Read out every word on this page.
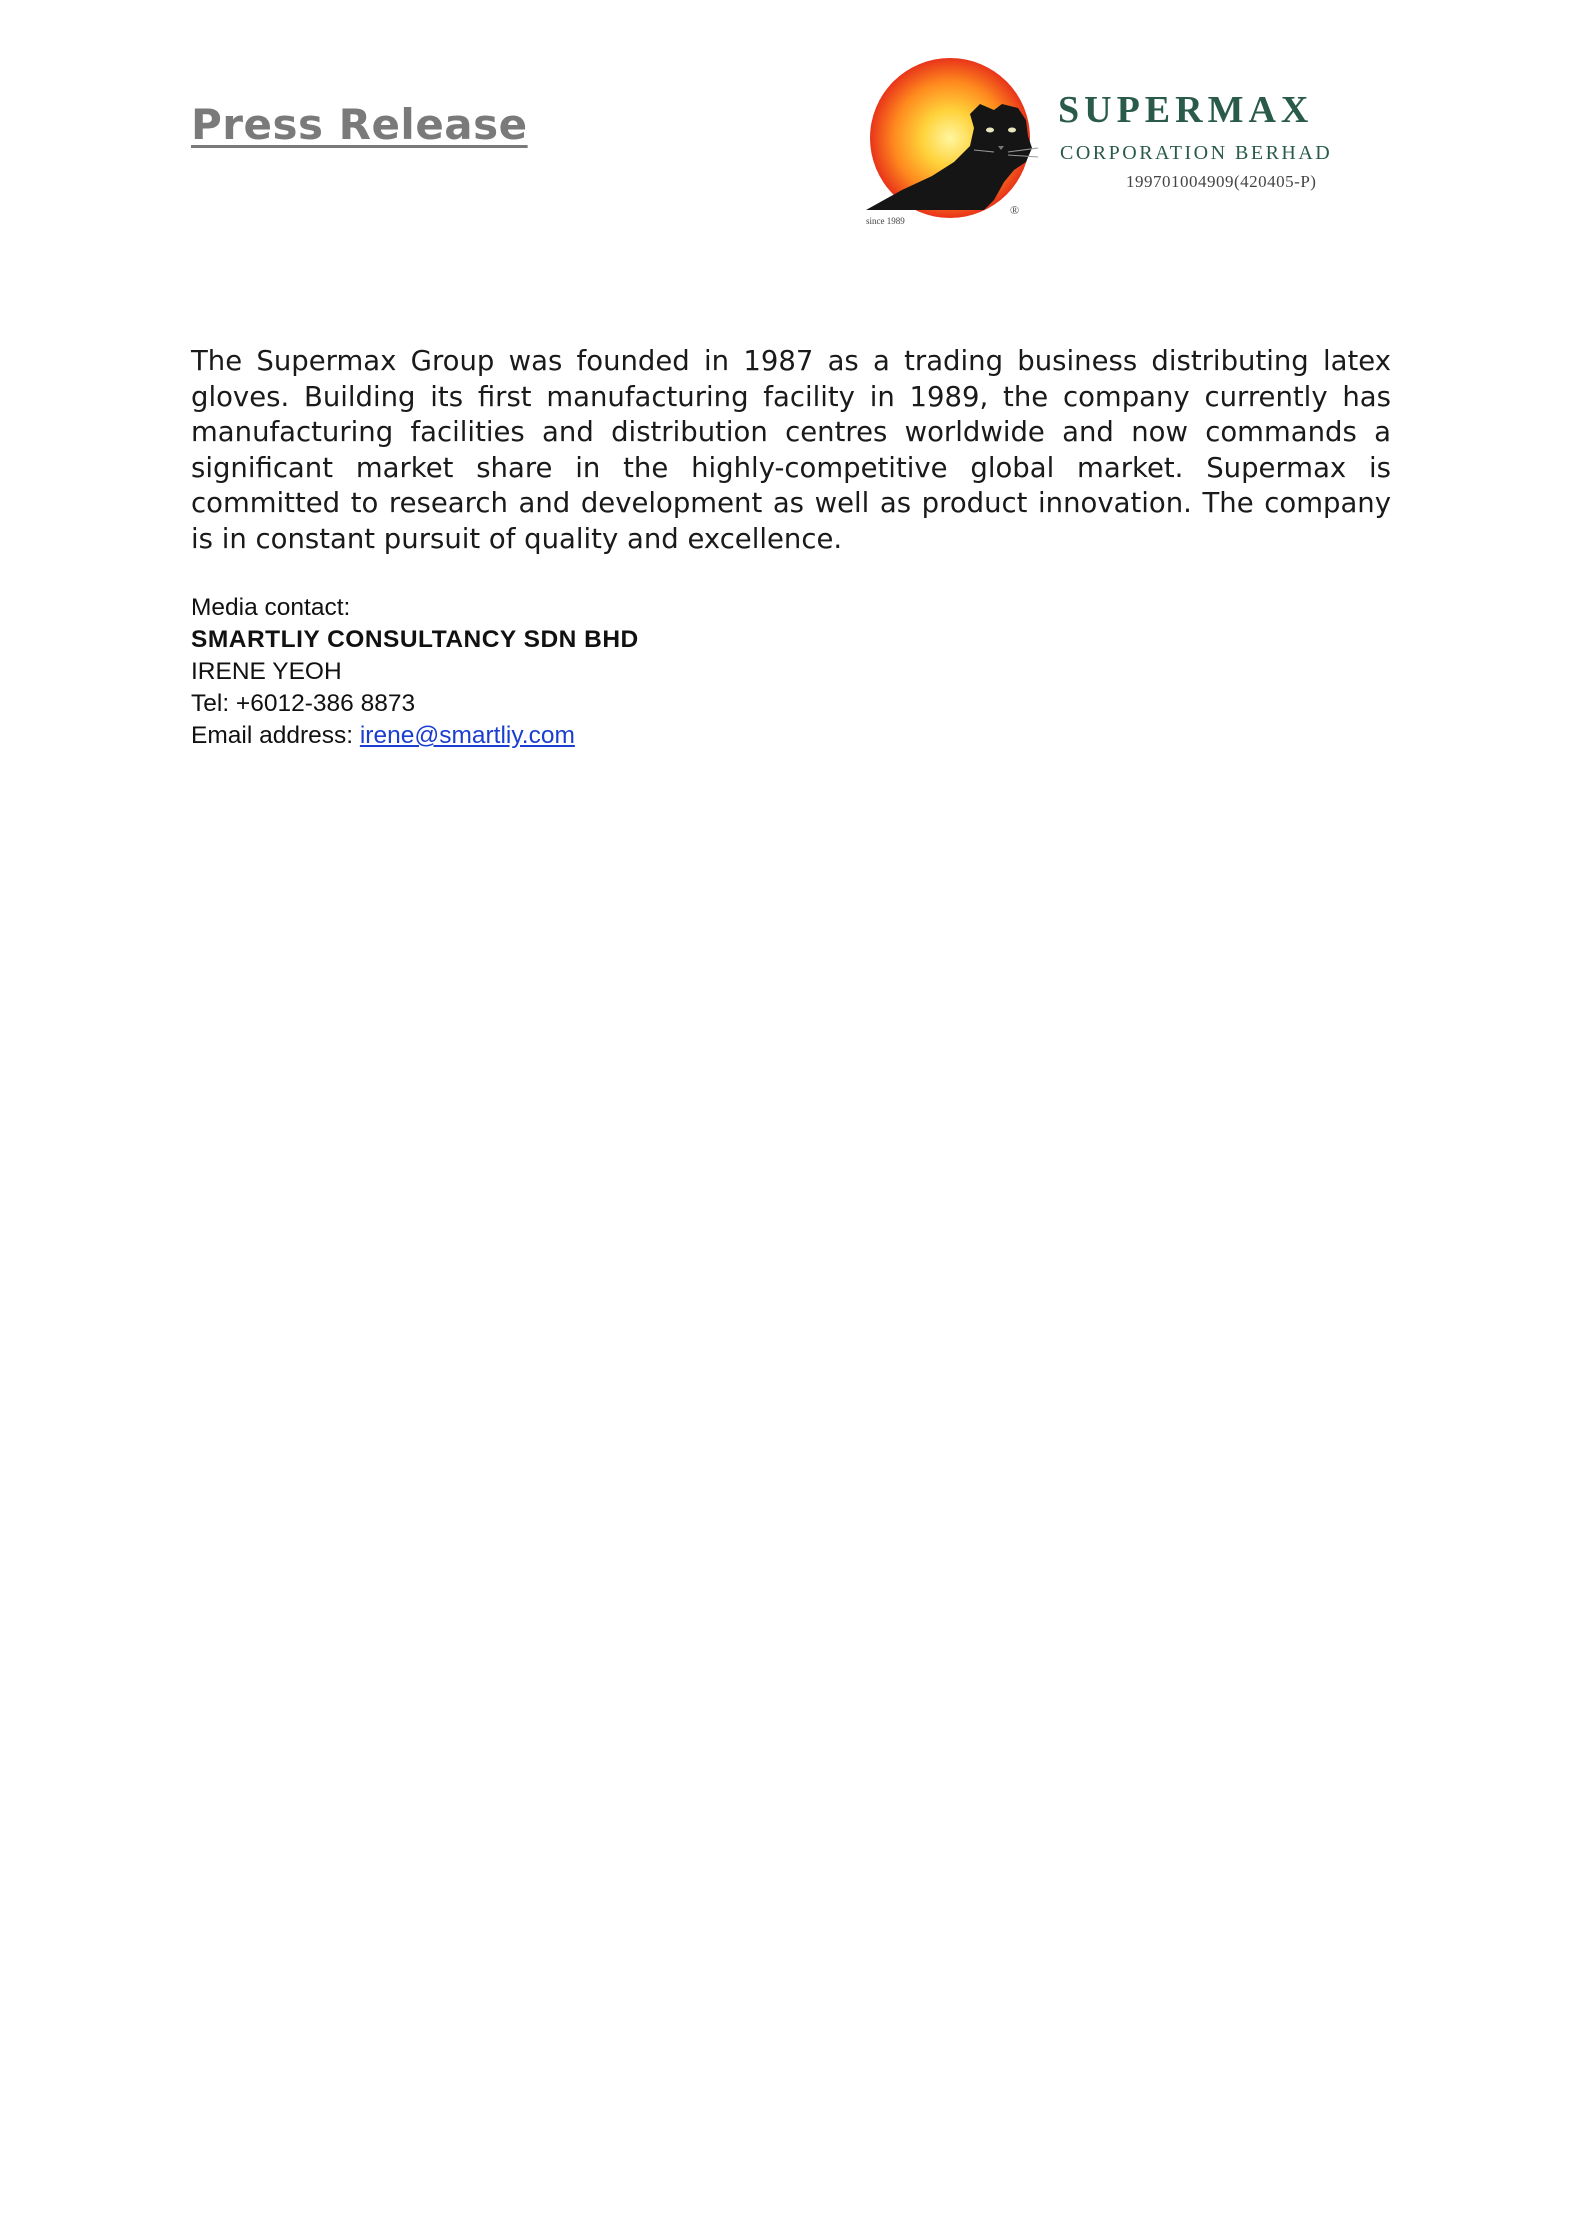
Press Release
®
since 1989
SUPERMAX
CORPORATION BERHAD
199701004909(420405-P)

The Supermax Group was founded in 1987 as a trading business distributing latex gloves. Building its first manufacturing facility in 1989, the company currently has manufacturing facilities and distribution centres worldwide and now commands a significant market share in the highly-competitive global market. Supermax is committed to research and development as well as product innovation. The company is in constant pursuit of quality and excellence.

Media contact:
SMARTLIY CONSULTANCY SDN BHD
IRENE YEOH
Tel: +6012-386 8873
Email address: irene@smartliy.com
